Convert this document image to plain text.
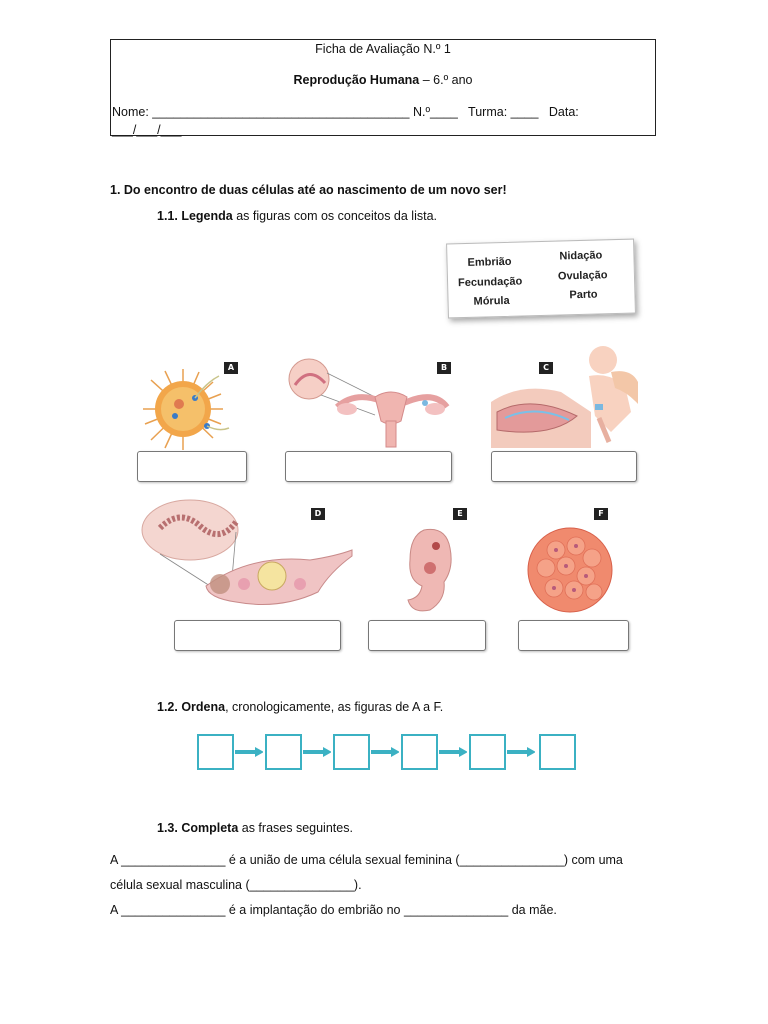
Ficha de Avaliação N.º 1
Reprodução Humana – 6.º ano
Nome: _____________________________________ N.º____   Turma: ____   Data:
___/___/___
1. Do encontro de duas células até ao nascimento de um novo ser!
1.1. Legenda as figuras com os conceitos da lista.
Embrião	Nidação
Fecundação	Ovulação
Mórula	Parto
A	B	C
D	E	F
1.2. Ordena, cronologicamente, as figuras de A a F.
1.3. Completa as frases seguintes.
A _______________ é a união de uma célula sexual feminina (_______________) com uma
célula sexual masculina (_______________).
A _______________ é a implantação do embrião no _______________ da mãe.
